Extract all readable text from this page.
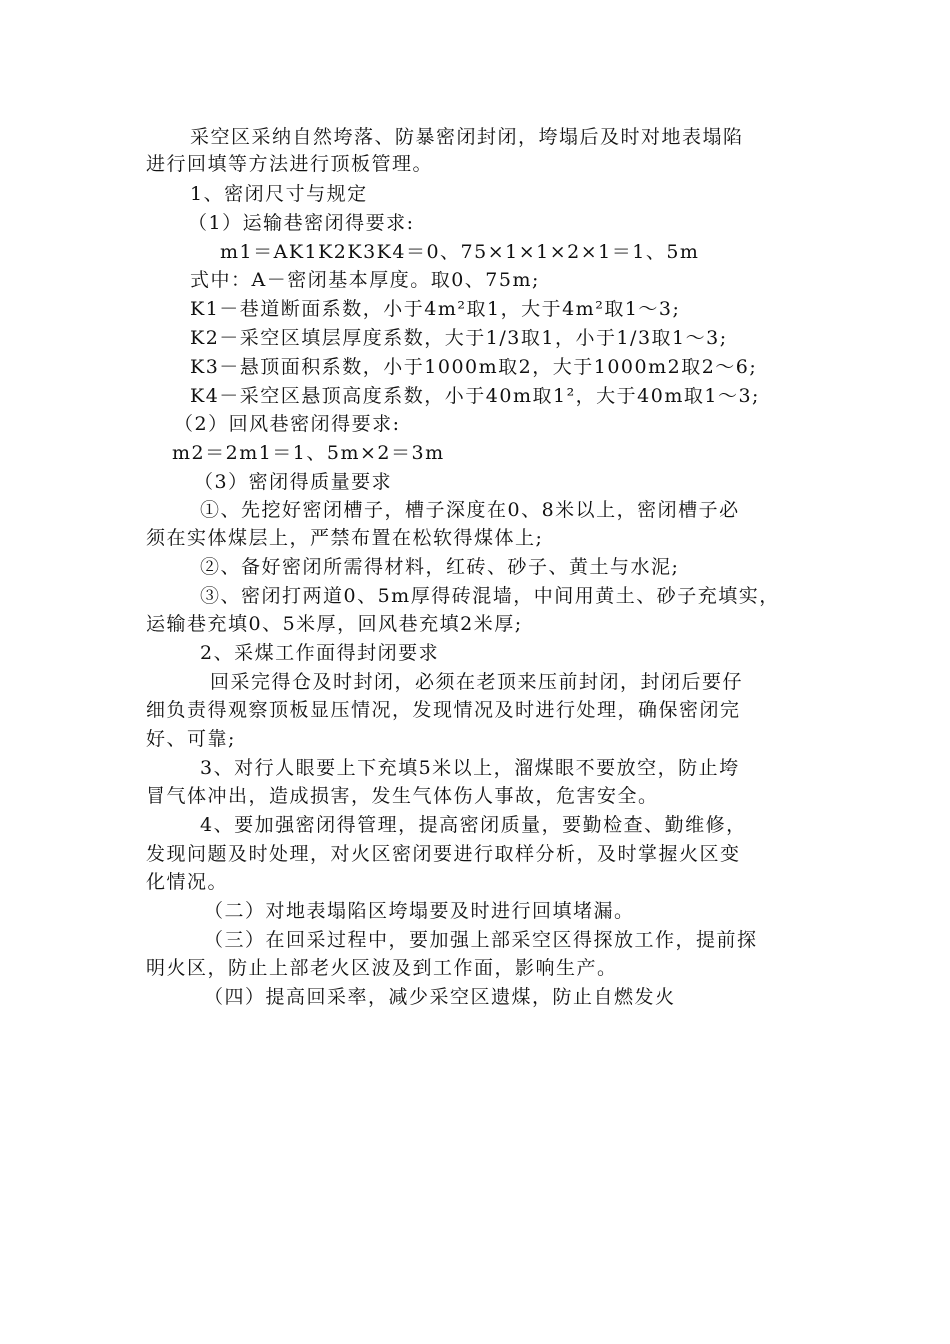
采空区采纳自然垮落、防暴密闭封闭，垮塌后及时对地表塌陷
进行回填等方法进行顶板管理。
1、密闭尺寸与规定
（1）运输巷密闭得要求:
m1＝AK1K2K3K4＝0、75×1×1×2×1＝1、5m
式中：A－密闭基本厚度。取0、75m;
K1－巷道断面系数，小于4m²取1，大于4m²取1～3;
K2－采空区填层厚度系数，大于1/3取1，小于1/3取1～3;
K3－悬顶面积系数，小于1000m取2，大于1000m2取2～6;
K4－采空区悬顶高度系数，小于40m取1²，大于40m取1～3;
（2）回风巷密闭得要求:
m2＝2m1＝1、5m×2＝3m
（3）密闭得质量要求
①、先挖好密闭槽子，槽子深度在0、8米以上，密闭槽子必
须在实体煤层上，严禁布置在松软得煤体上;
②、备好密闭所需得材料，红砖、砂子、黄土与水泥;
③、密闭打两道0、5m厚得砖混墙，中间用黄土、砂子充填实，
运输巷充填0、5米厚，回风巷充填2米厚;
2、采煤工作面得封闭要求
回采完得仓及时封闭，必须在老顶来压前封闭，封闭后要仔
细负责得观察顶板显压情况，发现情况及时进行处理，确保密闭完
好、可靠;
3、对行人眼要上下充填5米以上，溜煤眼不要放空，防止垮
冒气体冲出，造成损害，发生气体伤人事故，危害安全。
4、要加强密闭得管理，提高密闭质量，要勤检查、勤维修，
发现问题及时处理，对火区密闭要进行取样分析，及时掌握火区变
化情况。
（二）对地表塌陷区垮塌要及时进行回填堵漏。
（三）在回采过程中，要加强上部采空区得探放工作，提前探
明火区，防止上部老火区波及到工作面，影响生产。
（四）提高回采率，减少采空区遗煤，防止自燃发火
